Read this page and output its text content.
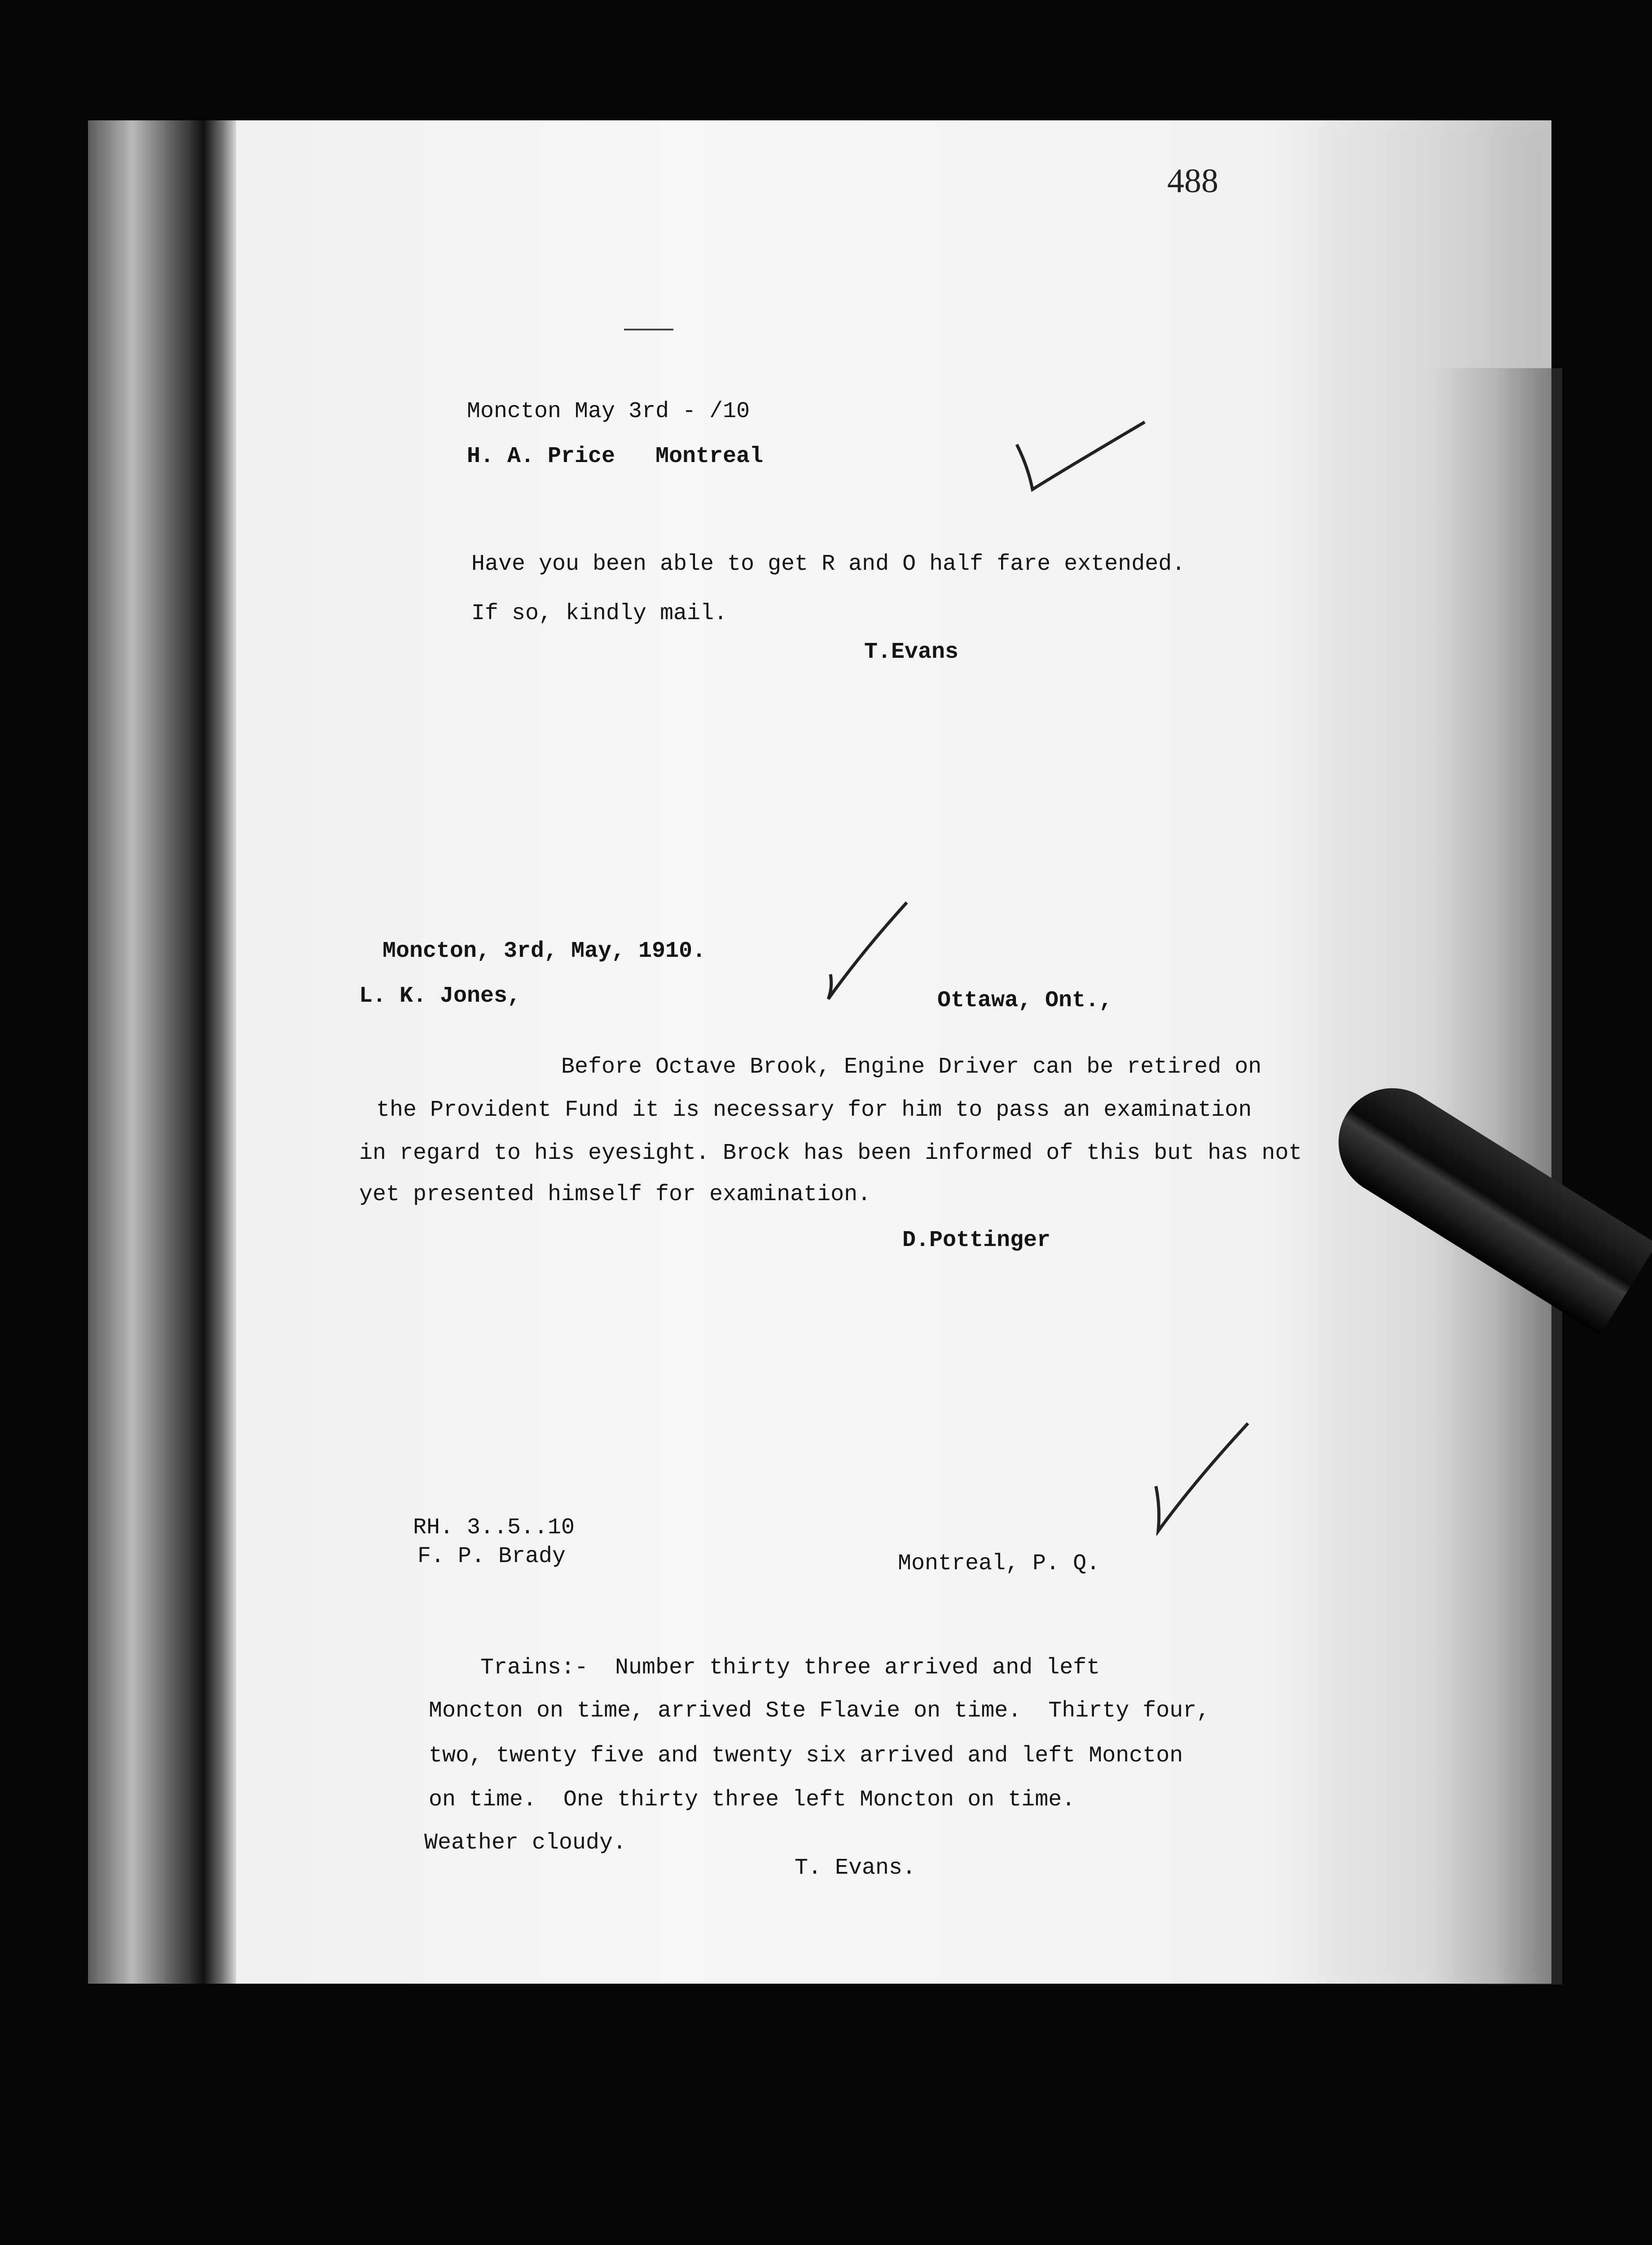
488
Moncton May 3rd - /10
H. A. Price   Montreal
Have you been able to get R and O half fare extended.
If so, kindly mail.
T.Evans
Moncton, 3rd, May, 1910.
L. K. Jones,	Ottawa, Ont.,
Before Octave Brook, Engine Driver can be retired on
the Provident Fund it is necessary for him to pass an examination
in regard to his eyesight. Brock has been informed of this but has not
yet presented himself for examination.
D.Pottinger
RH. 3..5..10
F. P. Brady	Montreal, P. Q.
Trains:-  Number thirty three arrived and left
Moncton on time, arrived Ste Flavie on time.  Thirty four,
two, twenty five and twenty six arrived and left Moncton
on time.  One thirty three left Moncton on time.
Weather cloudy.
T. Evans.
